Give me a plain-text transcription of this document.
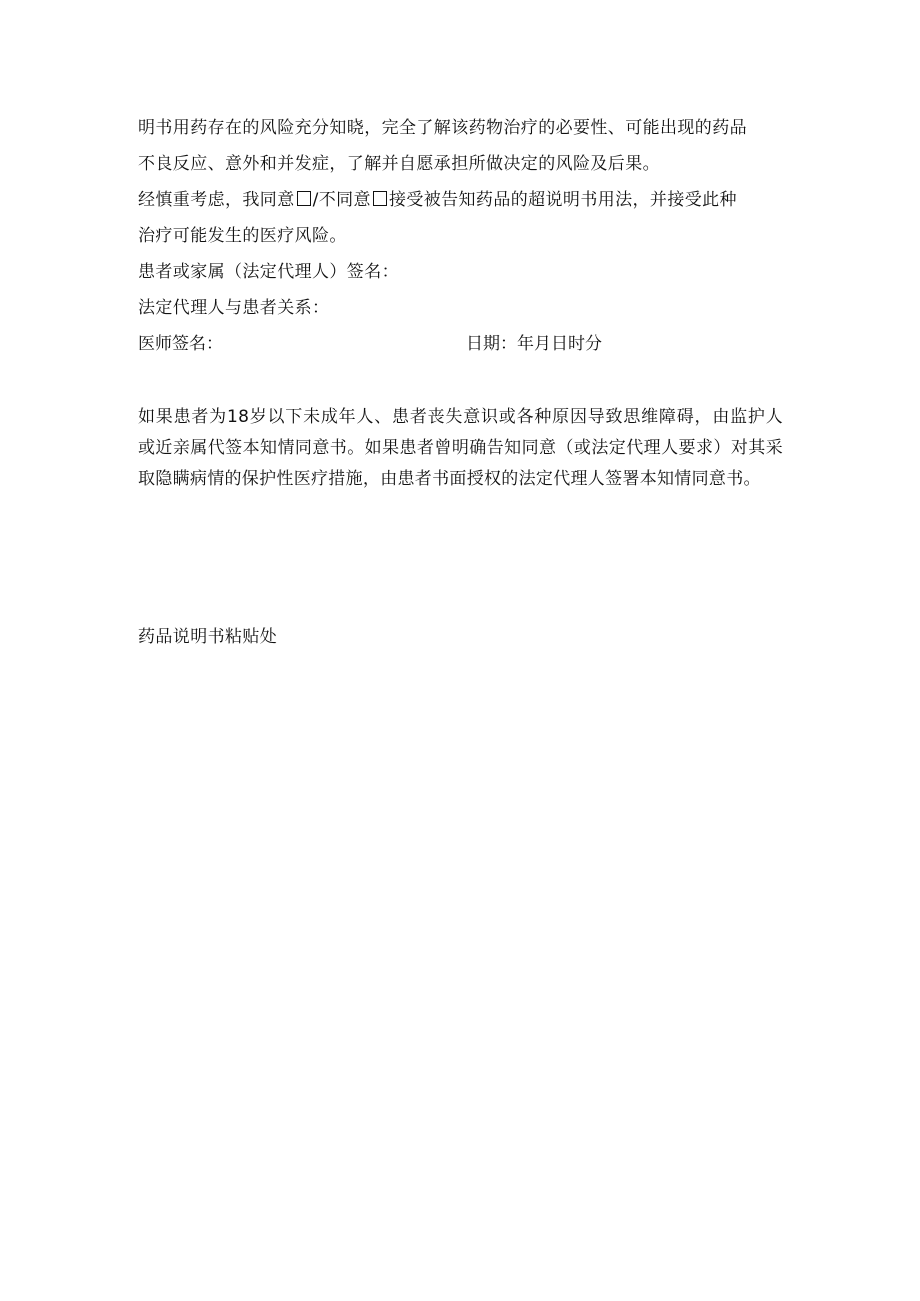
明书用药存在的风险充分知晓，完全了解该药物治疗的必要性、可能出现的药品
不良反应、意外和并发症，了解并自愿承担所做决定的风险及后果。
经慎重考虑，我同意 /不同意 接受被告知药品的超说明书用法，并接受此种
治疗可能发生的医疗风险。
患者或家属（法定代理人）签名：
法定代理人与患者关系：
医师签名：	日期：年月日时分
如果患者为18岁以下未成年人、患者丧失意识或各种原因导致思维障碍，由监护人或近亲属代签本知情同意书。如果患者曾明确告知同意（或法定代理人要求）对其采取隐瞒病情的保护性医疗措施，由患者书面授权的法定代理人签署本知情同意书。
药品说明书粘贴处
